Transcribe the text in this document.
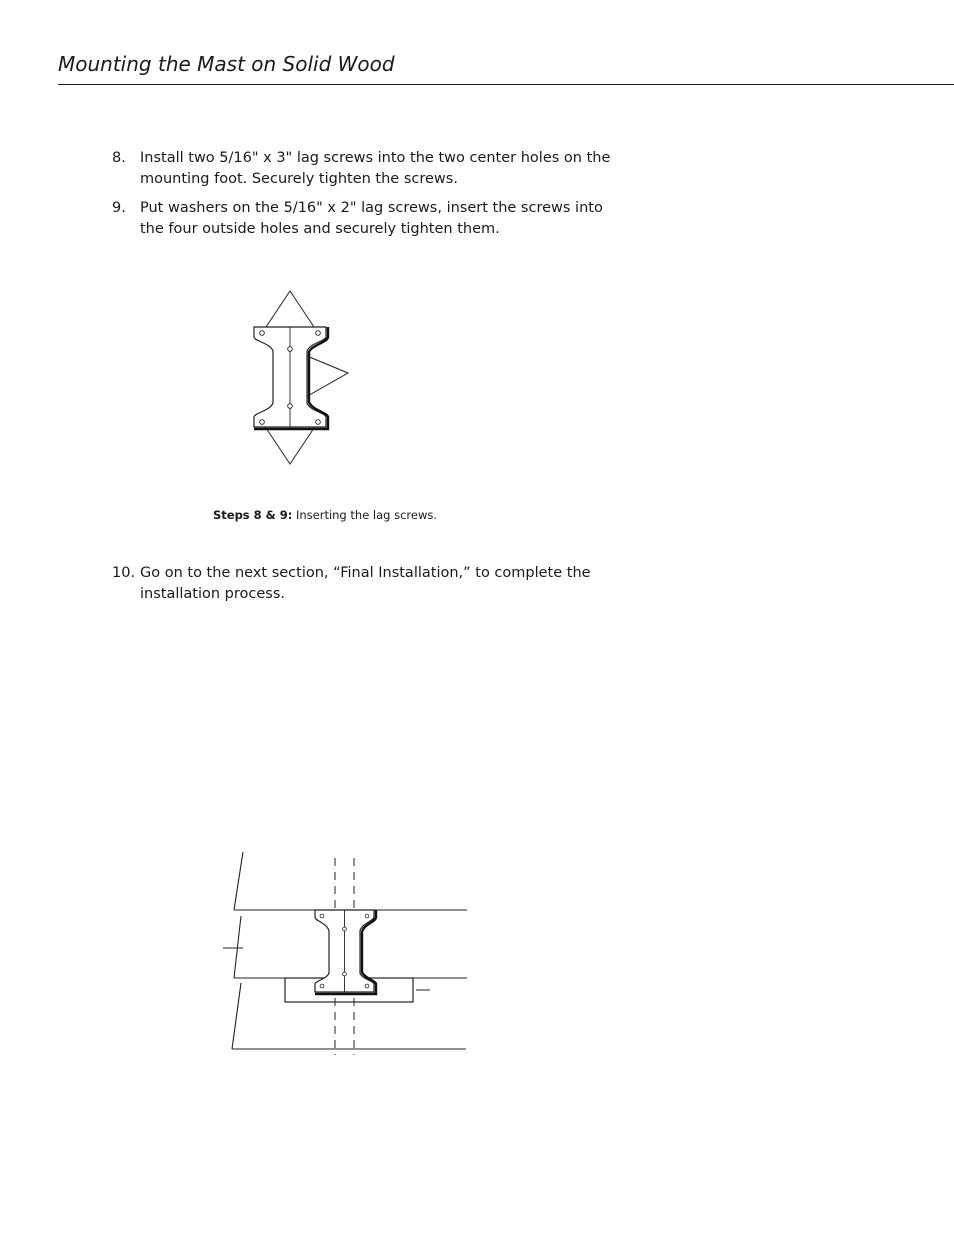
Mounting the Mast on Solid Wood
8. Install two 5/16" x 3" lag screws into the two center holes on the
mounting foot. Securely tighten the screws.
9. Put washers on the 5/16" x 2" lag screws, insert the screws into
the four outside holes and securely tighten them.
Steps 8 & 9: Inserting the lag screws.
10. Go on to the next section, “Final Installation,” to complete the
installation process.
